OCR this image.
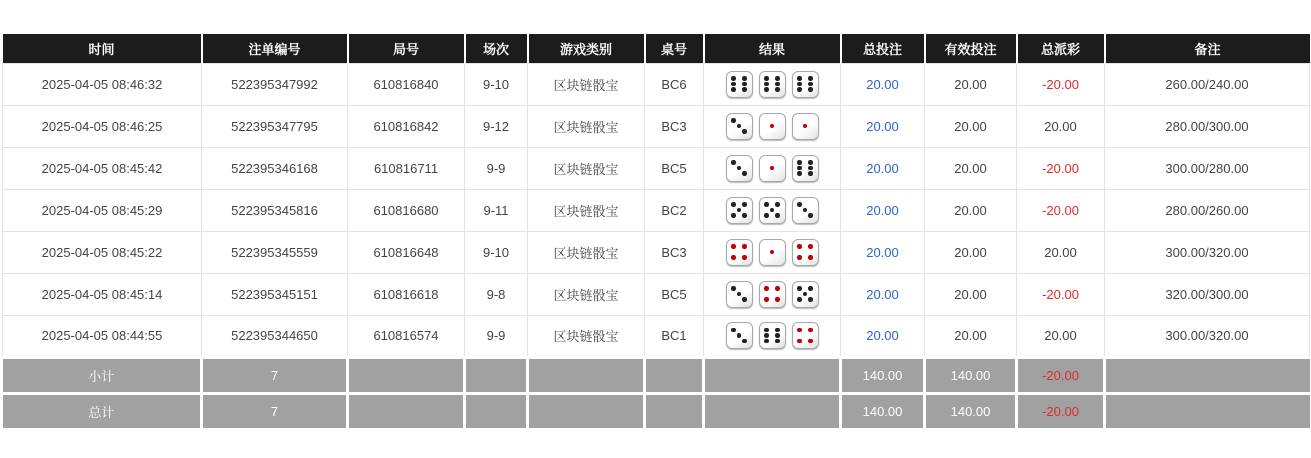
时间	注单编号	局号	场次	游戏类别	桌号	结果	总投注	有效投注	总派彩	备注
2025-04-05 08:46:32	522395347992	610816840	9-10	区块链骰宝	BC6		20.00	20.00	-20.00	260.00/240.00
2025-04-05 08:46:25	522395347795	610816842	9-12	区块链骰宝	BC3		20.00	20.00	20.00	280.00/300.00
2025-04-05 08:45:42	522395346168	610816711	9-9	区块链骰宝	BC5		20.00	20.00	-20.00	300.00/280.00
2025-04-05 08:45:29	522395345816	610816680	9-11	区块链骰宝	BC2		20.00	20.00	-20.00	280.00/260.00
2025-04-05 08:45:22	522395345559	610816648	9-10	区块链骰宝	BC3		20.00	20.00	20.00	300.00/320.00
2025-04-05 08:45:14	522395345151	610816618	9-8	区块链骰宝	BC5		20.00	20.00	-20.00	320.00/300.00
2025-04-05 08:44:55	522395344650	610816574	9-9	区块链骰宝	BC1		20.00	20.00	20.00	300.00/320.00
小计	7						140.00	140.00	-20.00	
总计	7						140.00	140.00	-20.00	
